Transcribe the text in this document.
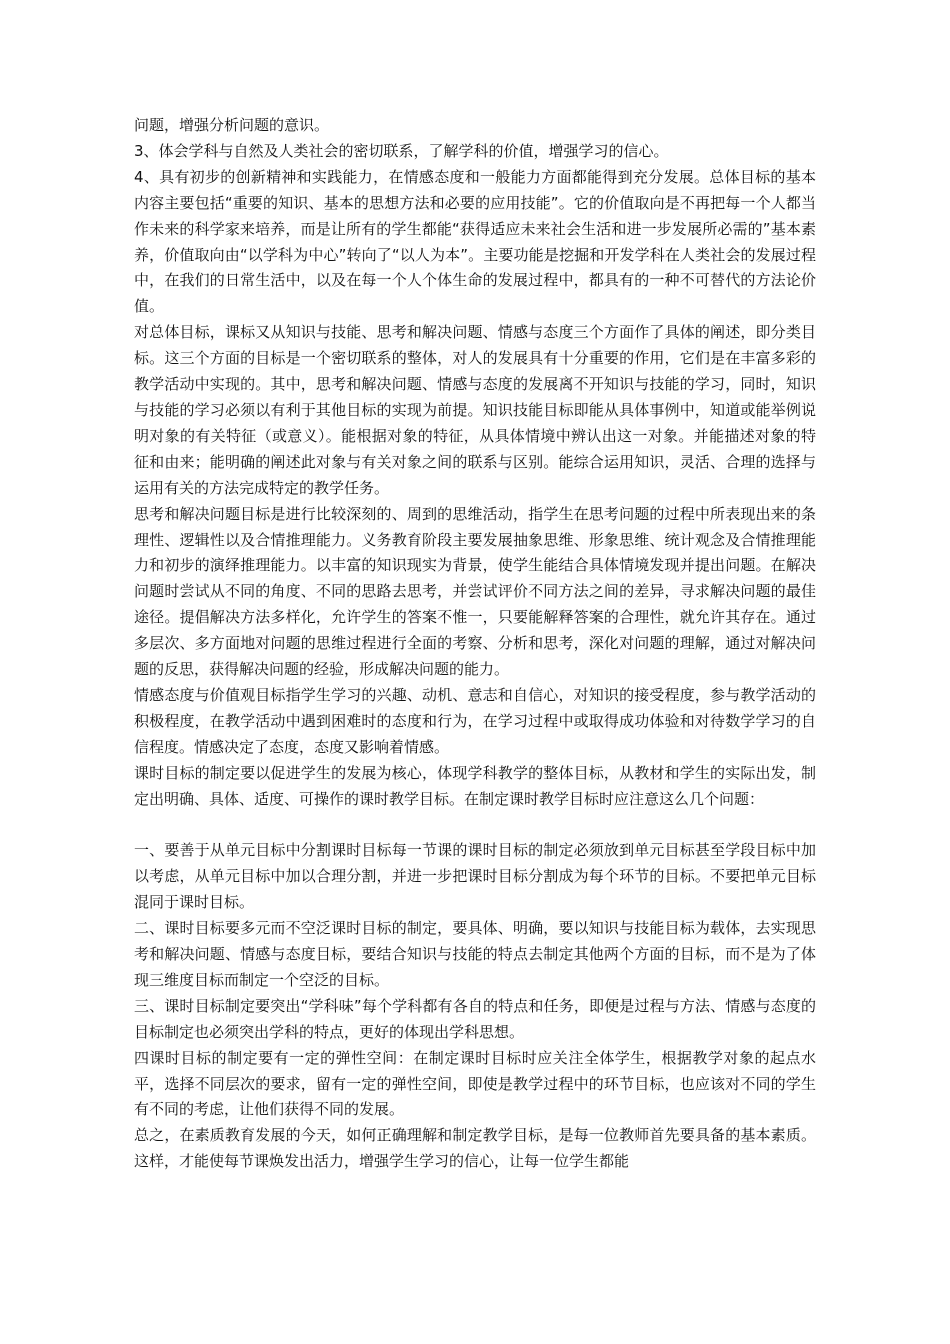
问题，增强分析问题的意识。

3、体会学科与自然及人类社会的密切联系，了解学科的价值，增强学习的信心。

4、具有初步的创新精神和实践能力，在情感态度和一般能力方面都能得到充分发展。总体目标的基本内容主要包括“重要的知识、基本的思想方法和必要的应用技能”。它的价值取向是不再把每一个人都当作未来的科学家来培养，而是让所有的学生都能“获得适应未来社会生活和进一步发展所必需的”基本素养，价值取向由“以学科为中心”转向了“以人为本”。主要功能是挖掘和开发学科在人类社会的发展过程中，在我们的日常生活中，以及在每一个人个体生命的发展过程中，都具有的一种不可替代的方法论价值。

对总体目标，课标又从知识与技能、思考和解决问题、情感与态度三个方面作了具体的阐述，即分类目标。这三个方面的目标是一个密切联系的整体，对人的发展具有十分重要的作用，它们是在丰富多彩的教学活动中实现的。其中，思考和解决问题、情感与态度的发展离不开知识与技能的学习，同时，知识与技能的学习必须以有利于其他目标的实现为前提。知识技能目标即能从具体事例中，知道或能举例说明对象的有关特征（或意义）。能根据对象的特征，从具体情境中辨认出这一对象。并能描述对象的特征和由来；能明确的阐述此对象与有关对象之间的联系与区别。能综合运用知识，灵活、合理的选择与运用有关的方法完成特定的教学任务。

思考和解决问题目标是进行比较深刻的、周到的思维活动，指学生在思考问题的过程中所表现出来的条理性、逻辑性以及合情推理能力。义务教育阶段主要发展抽象思维、形象思维、统计观念及合情推理能力和初步的演绎推理能力。以丰富的知识现实为背景，使学生能结合具体情境发现并提出问题。在解决问题时尝试从不同的角度、不同的思路去思考，并尝试评价不同方法之间的差异，寻求解决问题的最佳途径。提倡解决方法多样化，允许学生的答案不惟一，只要能解释答案的合理性，就允许其存在。通过多层次、多方面地对问题的思维过程进行全面的考察、分析和思考，深化对问题的理解，通过对解决问题的反思，获得解决问题的经验，形成解决问题的能力。

情感态度与价值观目标指学生学习的兴趣、动机、意志和自信心，对知识的接受程度，参与教学活动的积极程度，在教学活动中遇到困难时的态度和行为，在学习过程中或取得成功体验和对待数学学习的自信程度。情感决定了态度，态度又影响着情感。

课时目标的制定要以促进学生的发展为核心，体现学科教学的整体目标，从教材和学生的实际出发，制定出明确、具体、适度、可操作的课时教学目标。在制定课时教学目标时应注意这么几个问题：

一、要善于从单元目标中分割课时目标每一节课的课时目标的制定必须放到单元目标甚至学段目标中加以考虑，从单元目标中加以合理分割，并进一步把课时目标分割成为每个环节的目标。不要把单元目标混同于课时目标。

二、课时目标要多元而不空泛课时目标的制定，要具体、明确，要以知识与技能目标为载体，去实现思考和解决问题、情感与态度目标，要结合知识与技能的特点去制定其他两个方面的目标，而不是为了体现三维度目标而制定一个空泛的目标。

三、课时目标制定要突出“学科味”每个学科都有各自的特点和任务，即便是过程与方法、情感与态度的目标制定也必须突出学科的特点，更好的体现出学科思想。

四课时目标的制定要有一定的弹性空间：在制定课时目标时应关注全体学生，根据教学对象的起点水平，选择不同层次的要求，留有一定的弹性空间，即使是教学过程中的环节目标，也应该对不同的学生有不同的考虑，让他们获得不同的发展。

总之，在素质教育发展的今天，如何正确理解和制定教学目标，是每一位教师首先要具备的基本素质。这样，才能使每节课焕发出活力，增强学生学习的信心，让每一位学生都能
